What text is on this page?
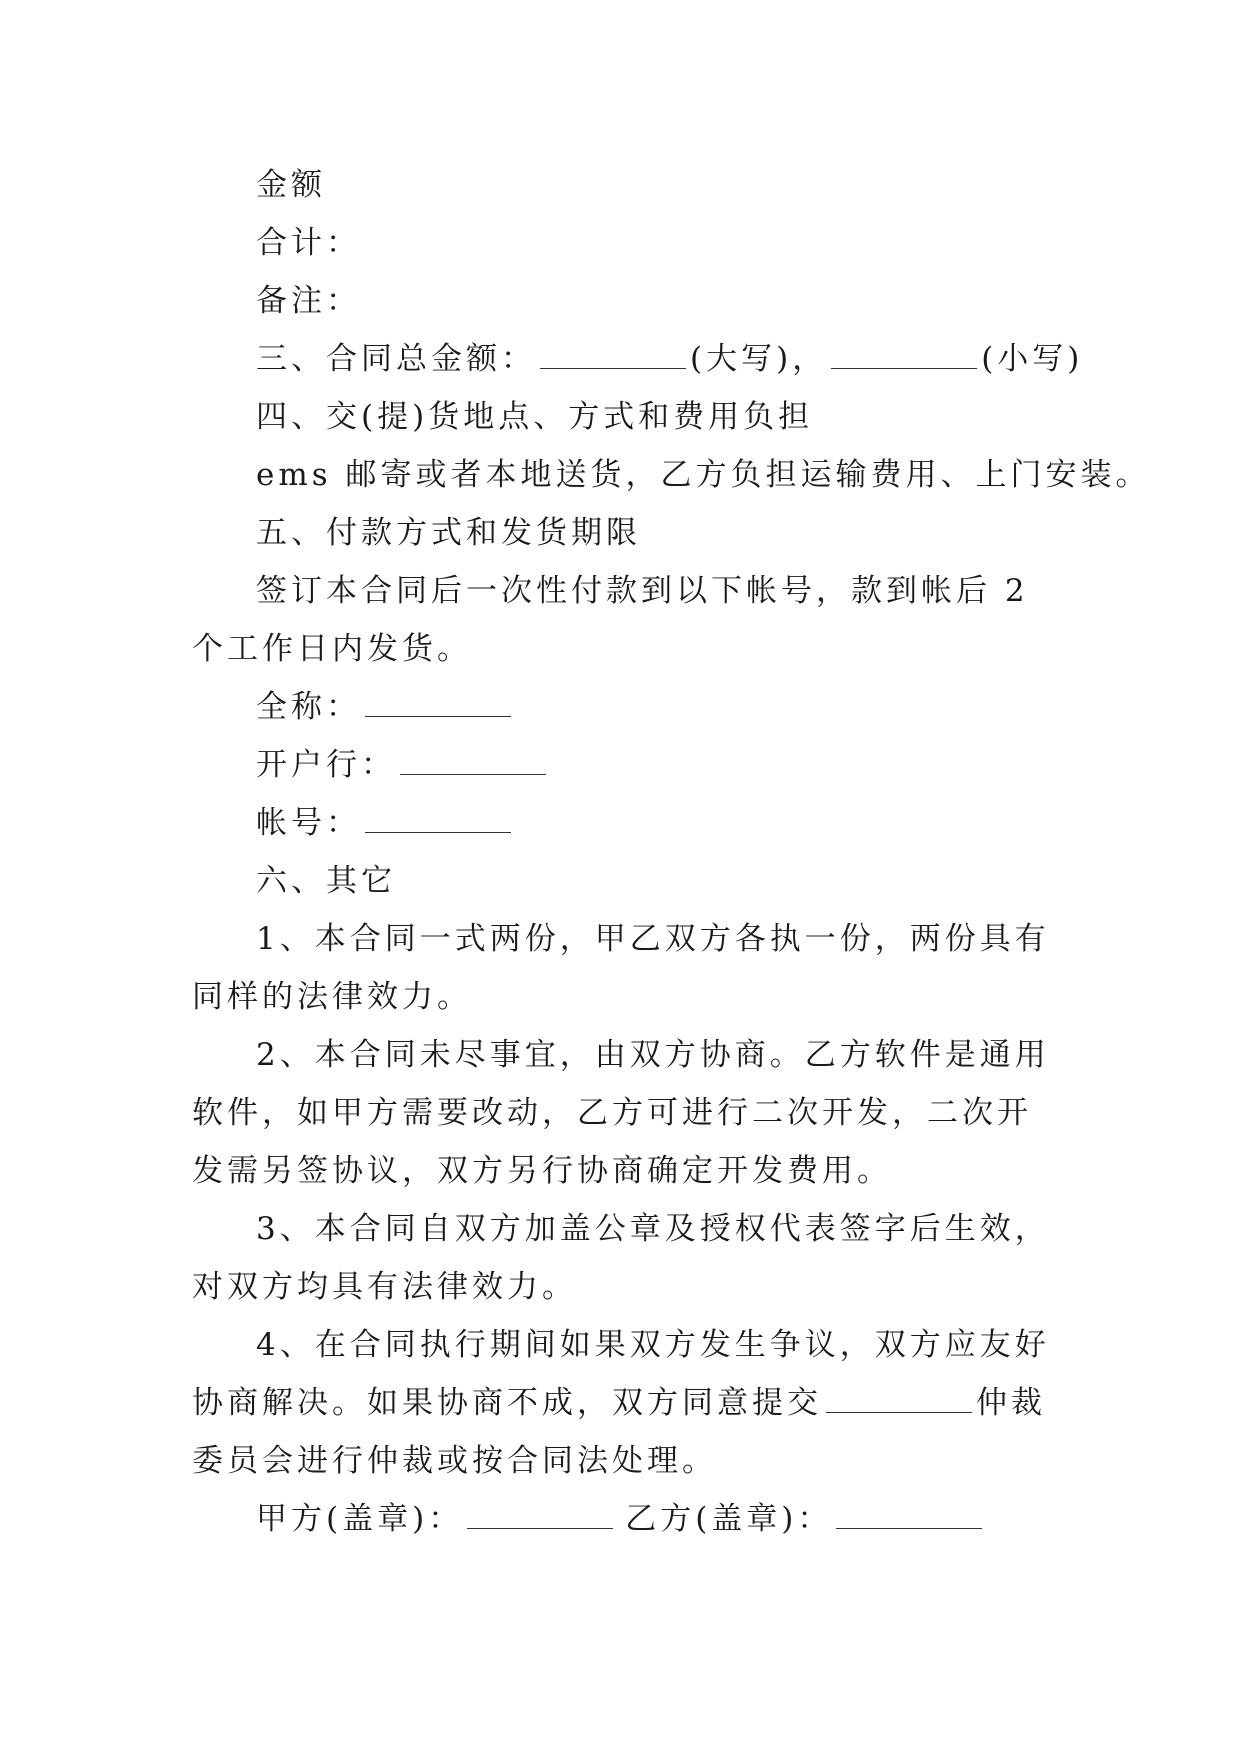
金额

合计：

备注：

三、合同总金额：	(大写)，	(小写)

四、交(提)货地点、方式和费用负担

ems 邮寄或者本地送货，乙方负担运输费用、上门安装。

五、付款方式和发货期限

签订本合同后一次性付款到以下帐号，款到帐后 2 个工作日内发货。

全称：

开户行：

帐号：

六、其它

1、本合同一式两份，甲乙双方各执一份，两份具有同样的法律效力。

2、本合同未尽事宜，由双方协商。乙方软件是通用软件，如甲方需要改动，乙方可进行二次开发，二次开发需另签协议，双方另行协商确定开发费用。

3、本合同自双方加盖公章及授权代表签字后生效，对双方均具有法律效力。

4、在合同执行期间如果双方发生争议，双方应友好协商解决。如果协商不成，双方同意提交	仲裁委员会进行仲裁或按合同法处理。

甲方(盖章)：	乙方(盖章)：
